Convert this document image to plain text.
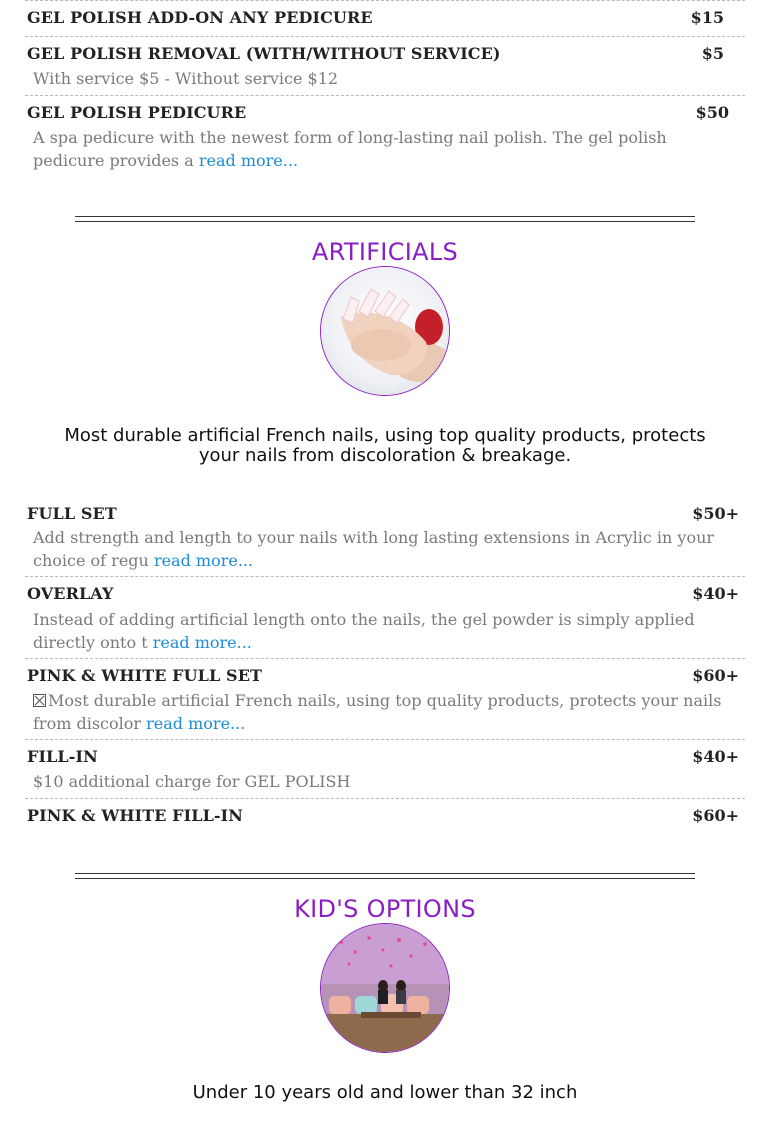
GEL POLISH ADD-ON ANY PEDICURE	$15
GEL POLISH REMOVAL (WITH/WITHOUT SERVICE)	$5
With service $5 - Without service $12
GEL POLISH PEDICURE	$50
A spa pedicure with the newest form of long-lasting nail polish. The gel polish pedicure provides a read more...
ARTIFICIALS
Most durable artificial French nails, using top quality products, protects your nails from discoloration & breakage.
FULL SET	$50+
Add strength and length to your nails with long lasting extensions in Acrylic in your choice of regu read more...
OVERLAY	$40+
Instead of adding artificial length onto the nails, the gel powder is simply applied directly onto t read more...
PINK & WHITE FULL SET	$60+
Most durable artificial French nails, using top quality products, protects your nails from discolor read more...
FILL-IN	$40+
$10 additional charge for GEL POLISH
PINK & WHITE FILL-IN	$60+
KID'S OPTIONS
Under 10 years old and lower than 32 inch
